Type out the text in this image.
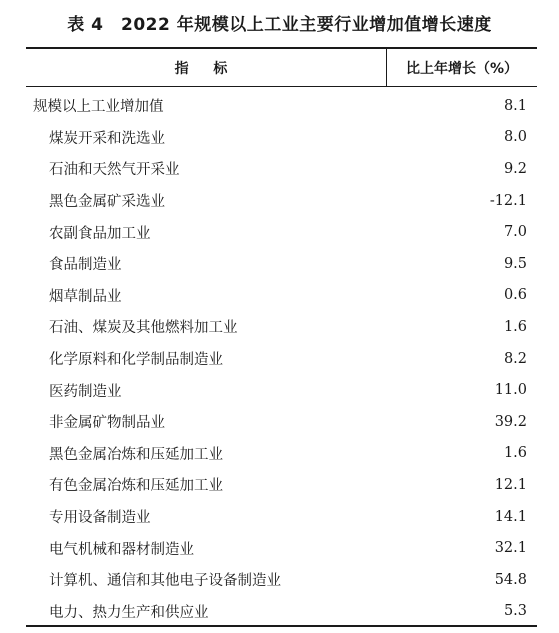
表 4　2022 年规模以上工业主要行业增加值增长速度
指 标	比上年增长（%）
规模以上工业增加值	8.1
煤炭开采和洗选业	8.0
石油和天然气开采业	9.2
黑色金属矿采选业	-12.1
农副食品加工业	7.0
食品制造业	9.5
烟草制品业	0.6
石油、煤炭及其他燃料加工业	1.6
化学原料和化学制品制造业	8.2
医药制造业	11.0
非金属矿物制品业	39.2
黑色金属冶炼和压延加工业	1.6
有色金属冶炼和压延加工业	12.1
专用设备制造业	14.1
电气机械和器材制造业	32.1
计算机、通信和其他电子设备制造业	54.8
电力、热力生产和供应业	5.3
